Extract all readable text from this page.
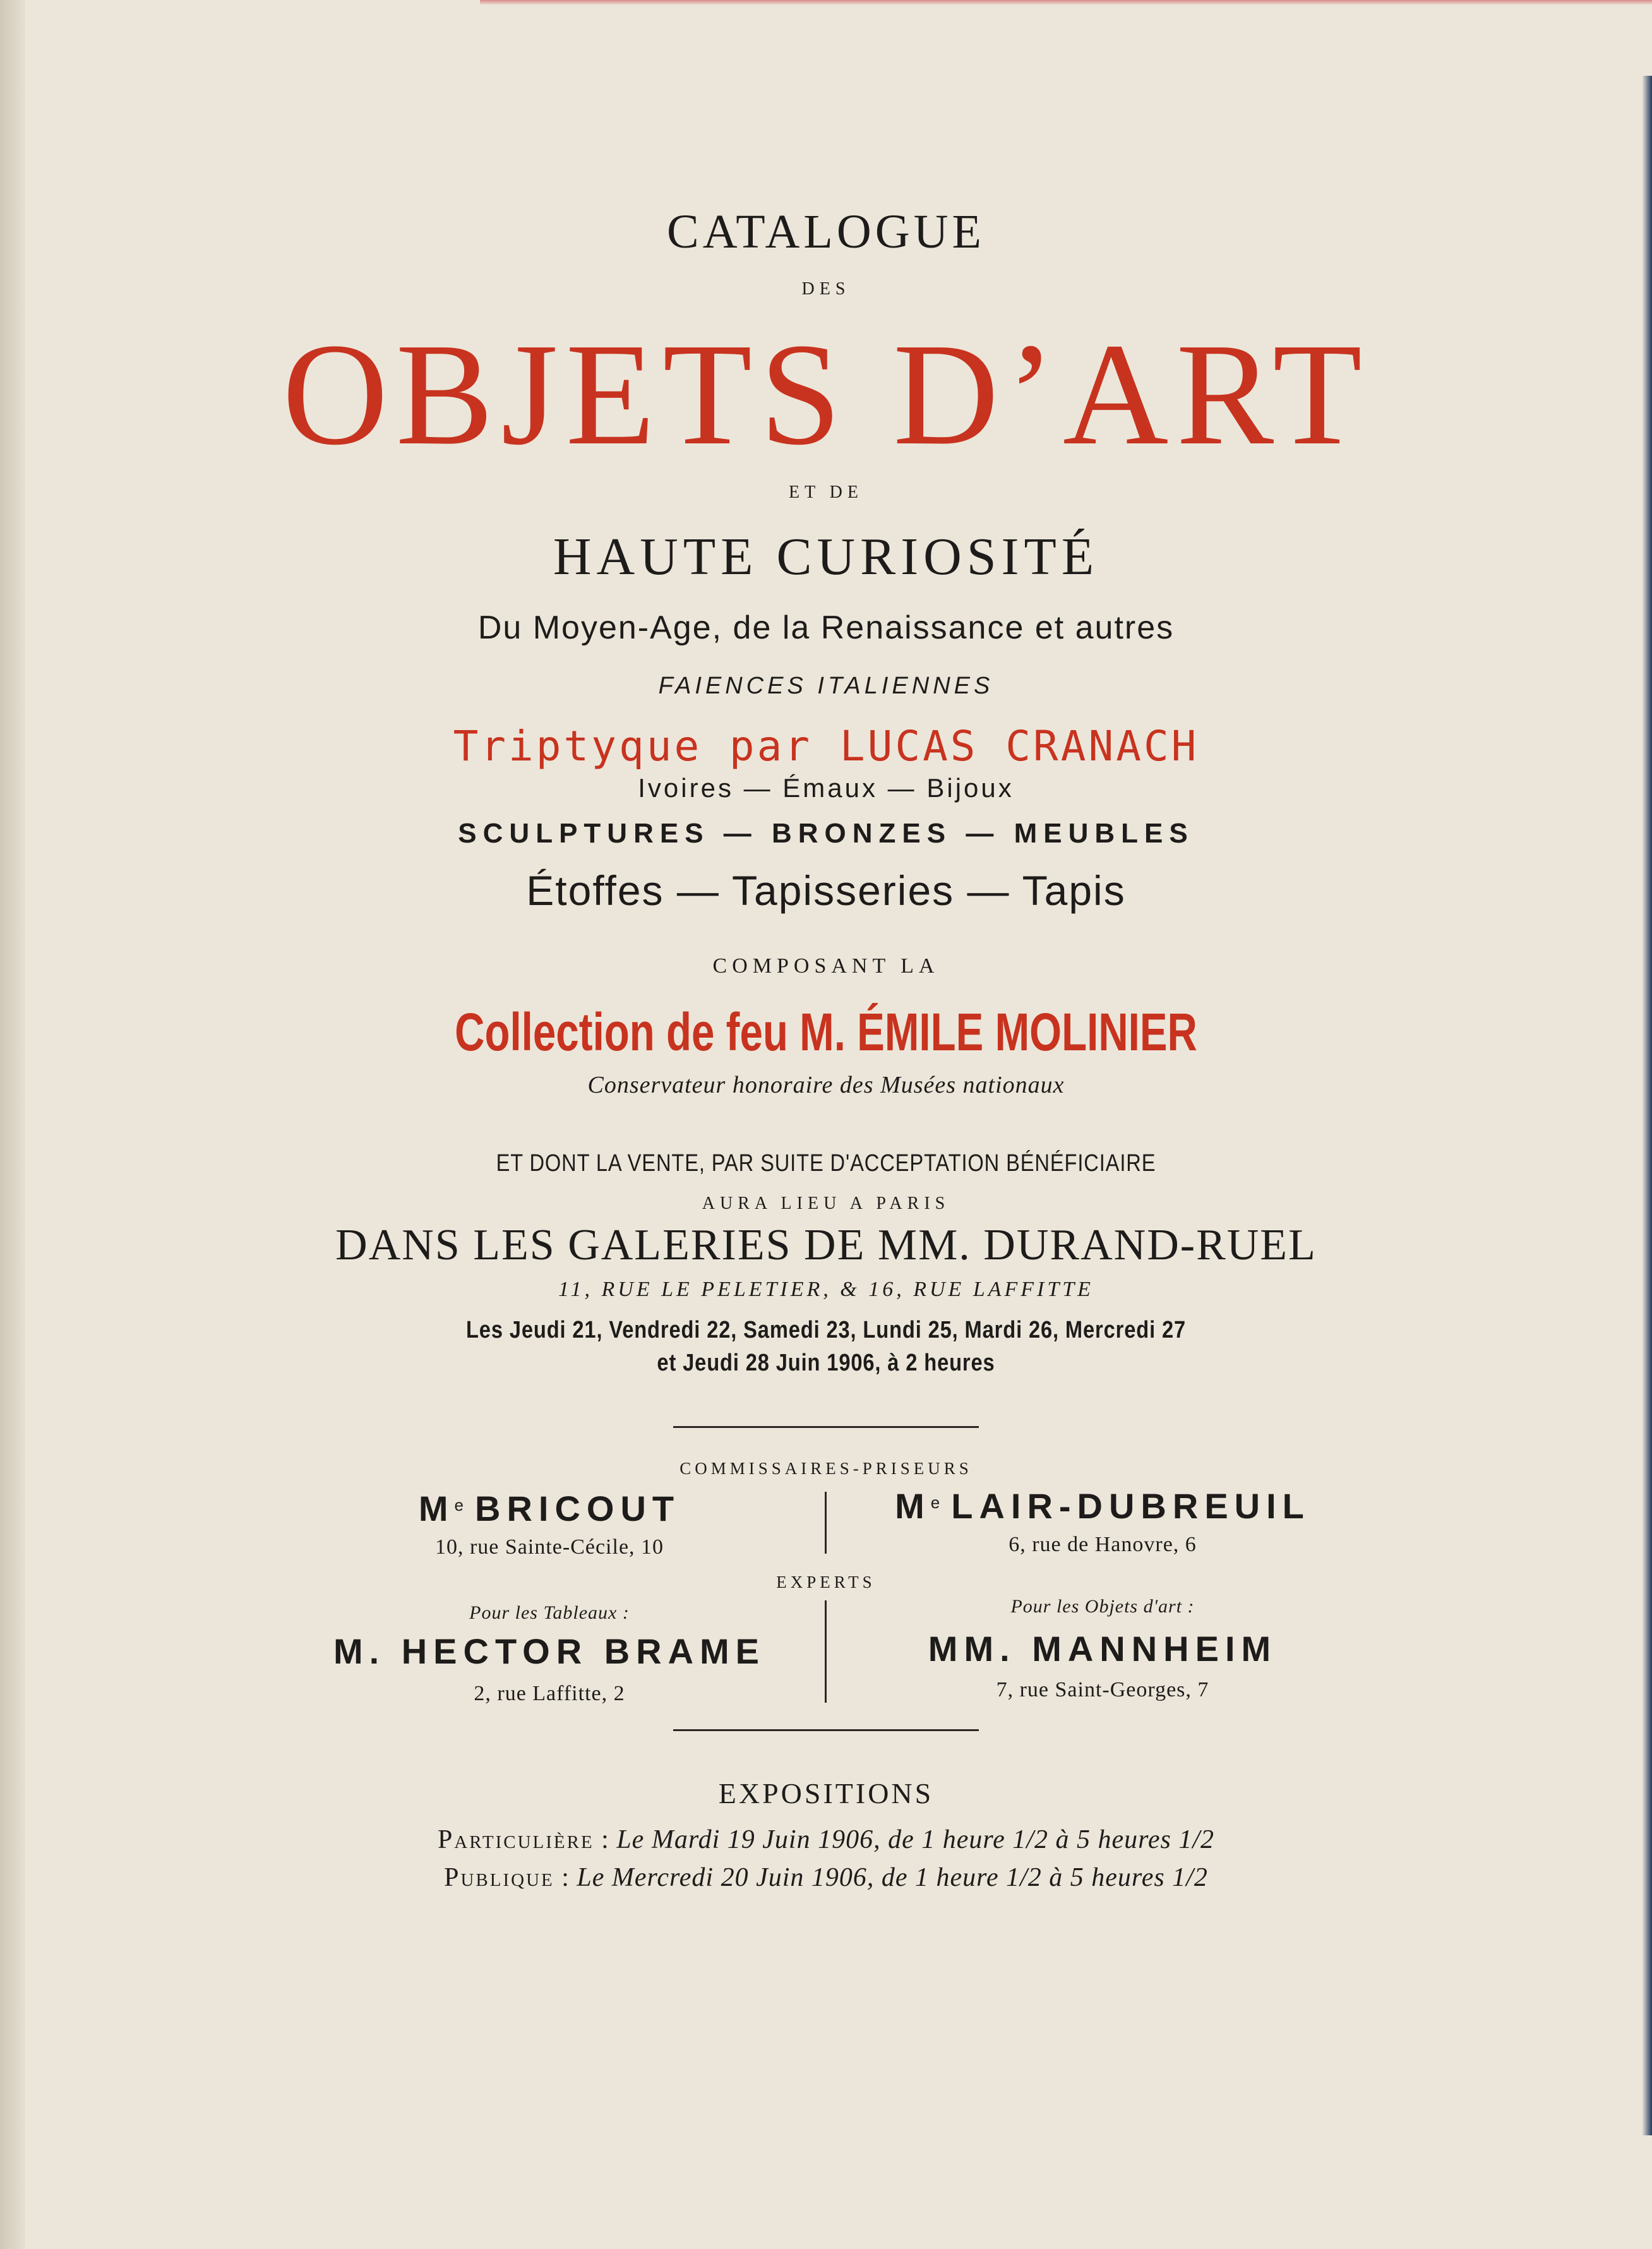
CATALOGUE
DES
OBJETS D’ART
ET DE
HAUTE CURIOSITÉ
Du Moyen-Age, de la Renaissance et autres
FAIENCES ITALIENNES
Triptyque par LUCAS CRANACH
Ivoires — Émaux — Bijoux
SCULPTURES — BRONZES — MEUBLES
Étoffes — Tapisseries — Tapis
COMPOSANT LA
Collection de feu M. ÉMILE MOLINIER
Conservateur honoraire des Musées nationaux
ET DONT LA VENTE, PAR SUITE D'ACCEPTATION BÉNÉFICIAIRE
AURA LIEU A PARIS
DANS LES GALERIES DE MM. DURAND-RUEL
11, RUE LE PELETIER, & 16, RUE LAFFITTE
Les Jeudi 21, Vendredi 22, Samedi 23, Lundi 25, Mardi 26, Mercredi 27
et Jeudi 28 Juin 1906, à 2 heures
COMMISSAIRES-PRISEURS
Me BRICOUT
10, rue Sainte-Cécile, 10
Me LAIR-DUBREUIL
6, rue de Hanovre, 6
EXPERTS
Pour les Tableaux :
M. HECTOR BRAME
2, rue Laffitte, 2
Pour les Objets d'art :
MM. MANNHEIM
7, rue Saint-Georges, 7
EXPOSITIONS
Particulière : Le Mardi 19 Juin 1906, de 1 heure 1/2 à 5 heures 1/2
Publique : Le Mercredi 20 Juin 1906, de 1 heure 1/2 à 5 heures 1/2
